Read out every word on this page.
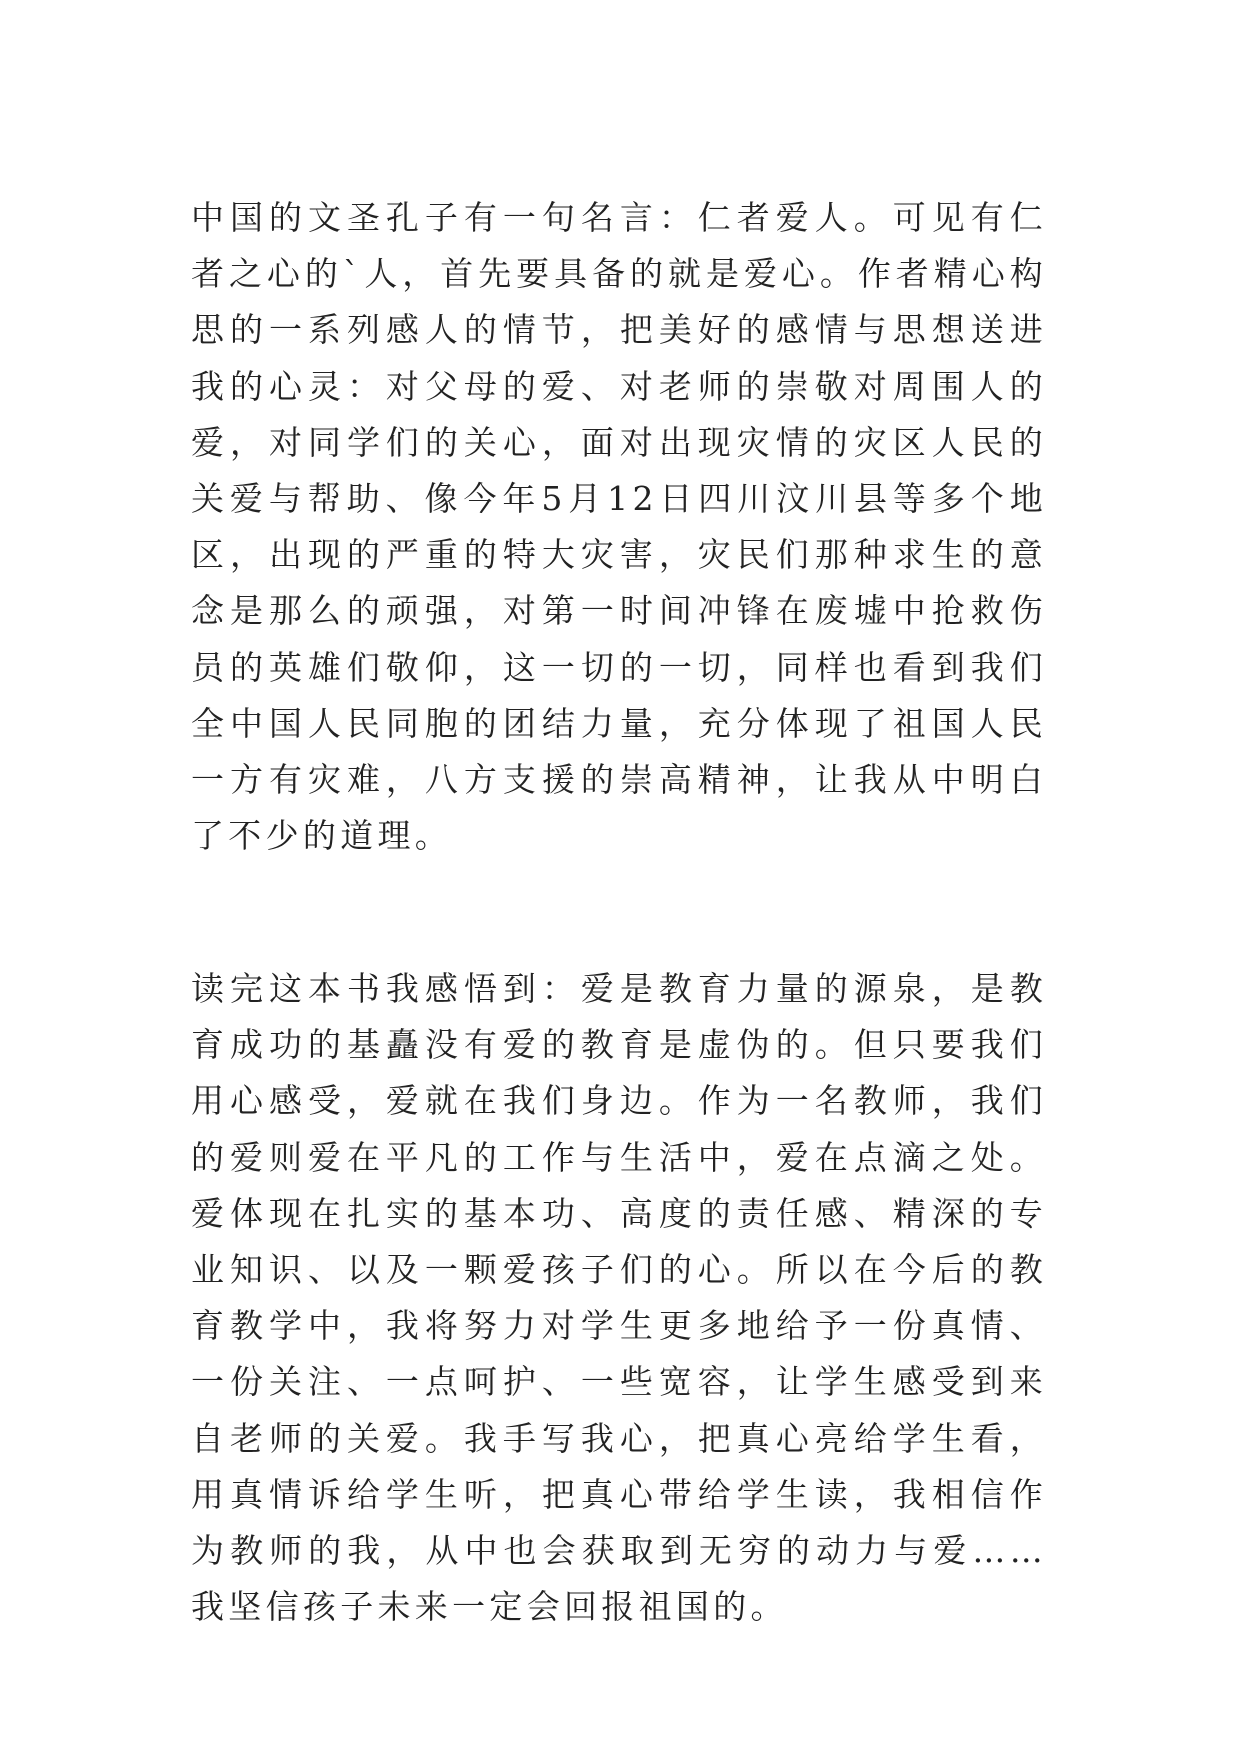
中国的文圣孔子有一句名言：仁者爱人。可见有仁者之心的`人，首先要具备的就是爱心。作者精心构思的一系列感人的情节，把美好的感情与思想送进我的心灵：对父母的爱、对老师的崇敬对周围人的爱，对同学们的关心，面对出现灾情的灾区人民的关爱与帮助、像今年5月12日四川汶川县等多个地区，出现的严重的特大灾害，灾民们那种求生的意念是那么的顽强，对第一时间冲锋在废墟中抢救伤员的英雄们敬仰，这一切的一切，同样也看到我们全中国人民同胞的团结力量，充分体现了祖国人民一方有灾难，八方支援的崇高精神，让我从中明白了不少的道理。

读完这本书我感悟到：爱是教育力量的源泉，是教育成功的基矗没有爱的教育是虚伪的。但只要我们用心感受，爱就在我们身边。作为一名教师，我们的爱则爱在平凡的工作与生活中，爱在点滴之处。爱体现在扎实的基本功、高度的责任感、精深的专业知识、以及一颗爱孩子们的心。所以在今后的教育教学中，我将努力对学生更多地给予一份真情、一份关注、一点呵护、一些宽容，让学生感受到来自老师的关爱。我手写我心，把真心亮给学生看，用真情诉给学生听，把真心带给学生读，我相信作为教师的我，从中也会获取到无穷的动力与爱……我坚信孩子未来一定会回报祖国的。
